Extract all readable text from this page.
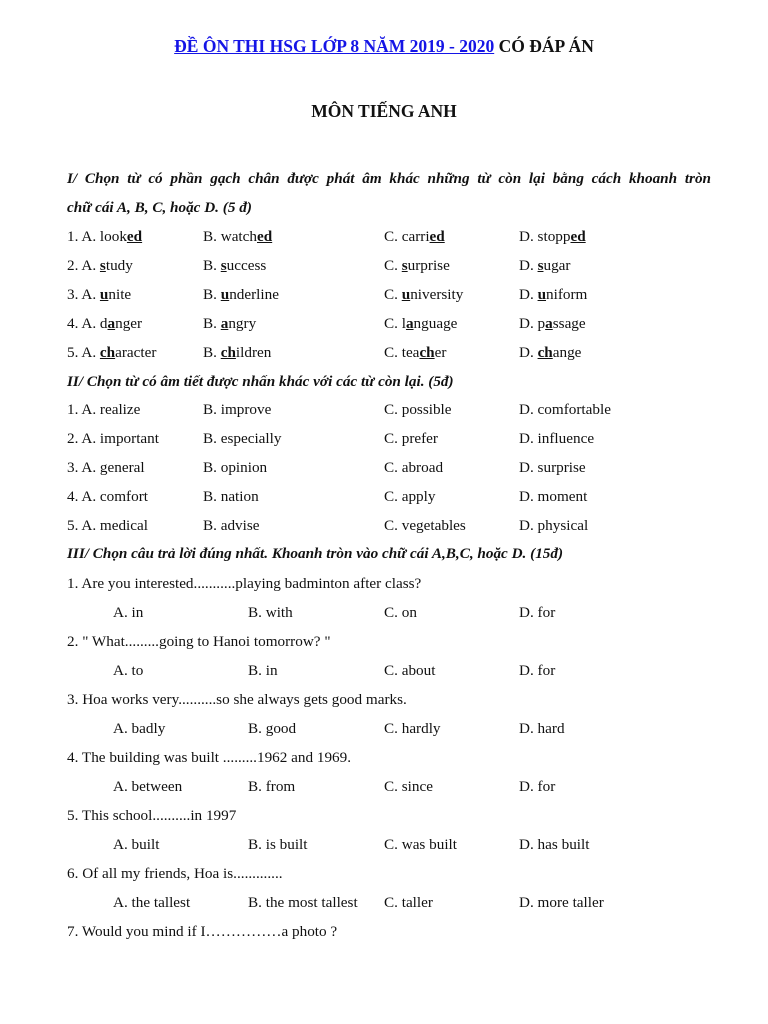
ĐỀ ÔN THI HSG LỚP 8 NĂM 2019 - 2020 CÓ ĐÁP ÁN
MÔN TIẾNG ANH
I/ Chọn từ có phần gạch chân được phát âm khác những từ còn lại bằng cách khoanh tròn
chữ cái A, B, C, hoặc D. (5 đ)
1. A. looked	B. watched	C. carried	D. stopped
2. A. study	B. success	C. surprise	D. sugar
3. A. unite	B. underline	C. university	D. uniform
4. A. danger	B. angry	C. language	D. passage
5. A. character	B. children	C. teacher	D. change
II/ Chọn từ có âm tiết được nhấn khác với các từ còn lại. (5đ)
1. A. realize	B. improve	C. possible	D. comfortable
2. A. important	B. especially	C. prefer	D. influence
3. A. general	B. opinion	C. abroad	D. surprise
4. A. comfort	B. nation	C. apply	D. moment
5. A. medical	B. advise	C. vegetables	D. physical
III/ Chọn câu trả lời đúng nhất. Khoanh tròn vào chữ cái A,B,C, hoặc D. (15đ)
1. Are you interested...........playing badminton after class?
A. in	B. with	C. on	D. for
2. " What.........going to Hanoi tomorrow? "
A. to	B. in	C. about	D. for
3. Hoa works very..........so she always gets good marks.
A. badly	B. good	C. hardly	D. hard
4. The building was built .........1962 and 1969.
A. between	B. from	C. since	D. for
5. This school..........in 1997
A. built	B. is built	C. was built	D. has built
6. Of all my friends, Hoa is.............
A. the tallest	B. the most tallest C. taller	D. more taller
7. Would you mind if I……………a photo ?
